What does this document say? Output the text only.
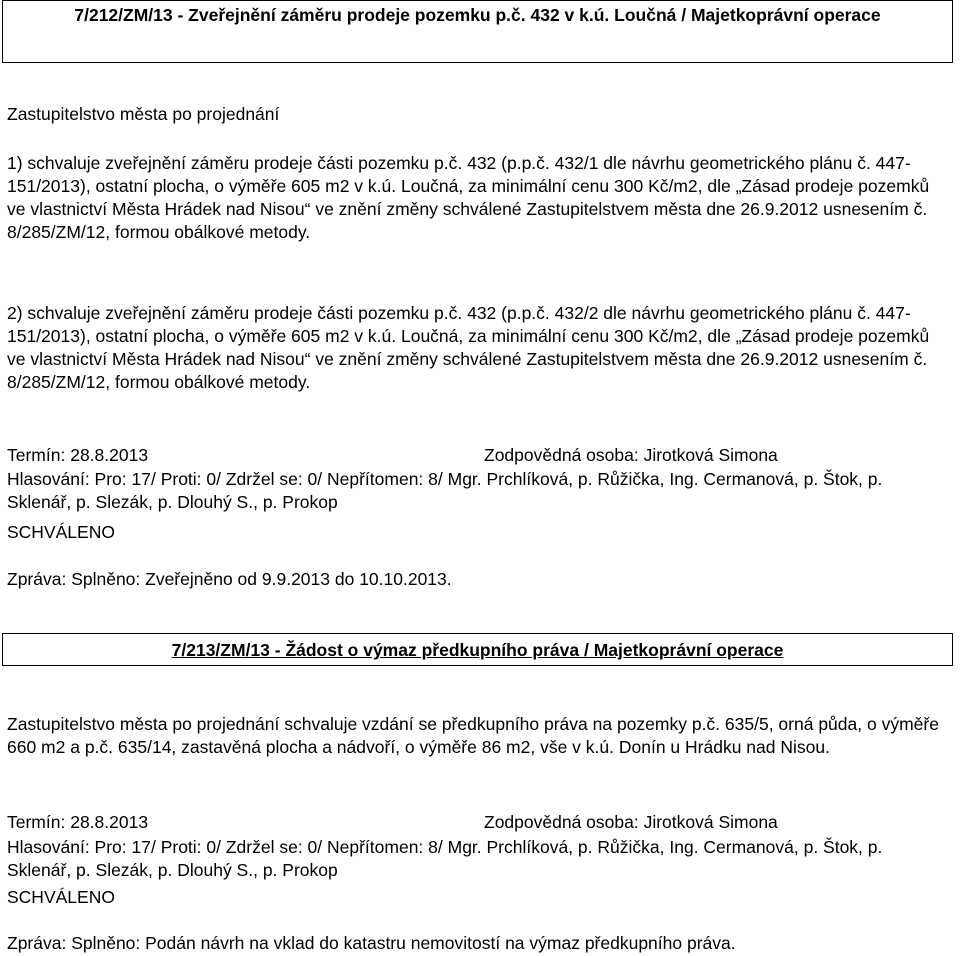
7/212/ZM/13 - Zveřejnění záměru prodeje pozemku p.č. 432 v k.ú. Loučná / Majetkoprávní operace

Zastupitelstvo města po projednání

1) schvaluje zveřejnění záměru prodeje části pozemku p.č. 432 (p.p.č. 432/1 dle návrhu geometrického plánu č. 447-151/2013), ostatní plocha, o výměře 605 m2 v k.ú. Loučná, za minimální cenu 300 Kč/m2, dle „Zásad prodeje pozemků ve vlastnictví Města Hrádek nad Nisou“ ve znění změny schválené Zastupitelstvem města dne 26.9.2012 usnesením č. 8/285/ZM/12, formou obálkové metody.

2) schvaluje zveřejnění záměru prodeje části pozemku p.č. 432 (p.p.č. 432/2 dle návrhu geometrického plánu č. 447-151/2013), ostatní plocha, o výměře 605 m2 v k.ú. Loučná, za minimální cenu 300 Kč/m2, dle „Zásad prodeje pozemků ve vlastnictví Města Hrádek nad Nisou“ ve znění změny schválené Zastupitelstvem města dne 26.9.2012 usnesením č. 8/285/ZM/12, formou obálkové metody.

Termín: 28.8.2013	Zodpovědná osoba: Jirotková Simona

Hlasování: Pro: 17/ Proti: 0/ Zdržel se: 0/ Nepřítomen: 8/ Mgr. Prchlíková, p. Růžička, Ing. Cermanová, p. Štok, p. Sklenář, p. Slezák, p. Dlouhý S., p. Prokop

SCHVÁLENO

Zpráva: Splněno: Zveřejněno od 9.9.2013 do 10.10.2013.

7/213/ZM/13 - Žádost o výmaz předkupního práva / Majetkoprávní operace

Zastupitelstvo města po projednání schvaluje vzdání se předkupního práva na pozemky p.č. 635/5, orná půda, o výměře 660 m2 a p.č. 635/14, zastavěná plocha a nádvoří, o výměře 86 m2, vše v k.ú. Donín u Hrádku nad Nisou.

Termín: 28.8.2013	Zodpovědná osoba: Jirotková Simona

Hlasování: Pro: 17/ Proti: 0/ Zdržel se: 0/ Nepřítomen: 8/ Mgr. Prchlíková, p. Růžička, Ing. Cermanová, p. Štok, p. Sklenář, p. Slezák, p. Dlouhý S., p. Prokop

SCHVÁLENO

Zpráva: Splněno: Podán návrh na vklad do katastru nemovitostí na výmaz předkupního práva.
